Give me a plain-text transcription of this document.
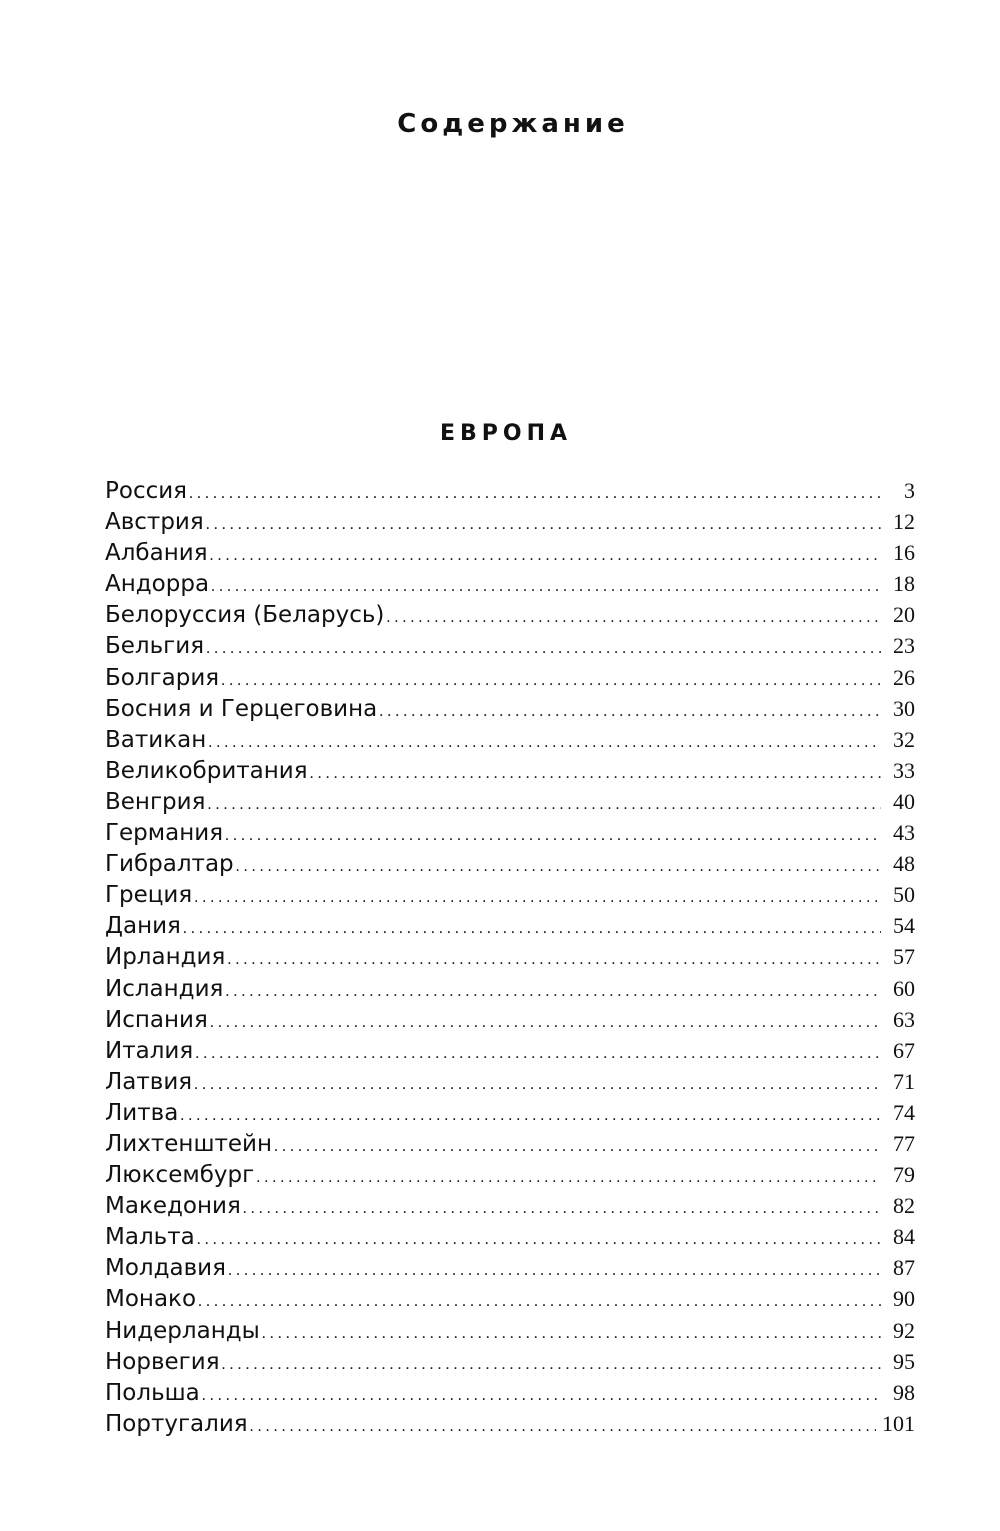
Содержание
ЕВРОПА
Россия . . .	3
Австрия . . .	12
Албания . . .	16
Андорра . . .	18
Белоруссия (Беларусь) . . .	20
Бельгия . . .	23
Болгария . . .	26
Босния и Герцеговина . . .	30
Ватикан . . .	32
Великобритания . . .	33
Венгрия . . .	40
Германия . . .	43
Гибралтар . . .	48
Греция . . .	50
Дания . . .	54
Ирландия . . .	57
Исландия . . .	60
Испания . . .	63
Италия . . .	67
Латвия . . .	71
Литва . . .	74
Лихтенштейн . . .	77
Люксембург . . .	79
Македония . . .	82
Мальта . . .	84
Молдавия . . .	87
Монако . . .	90
Нидерланды . . .	92
Норвегия . . .	95
Польша . . .	98
Португалия . . .	101
